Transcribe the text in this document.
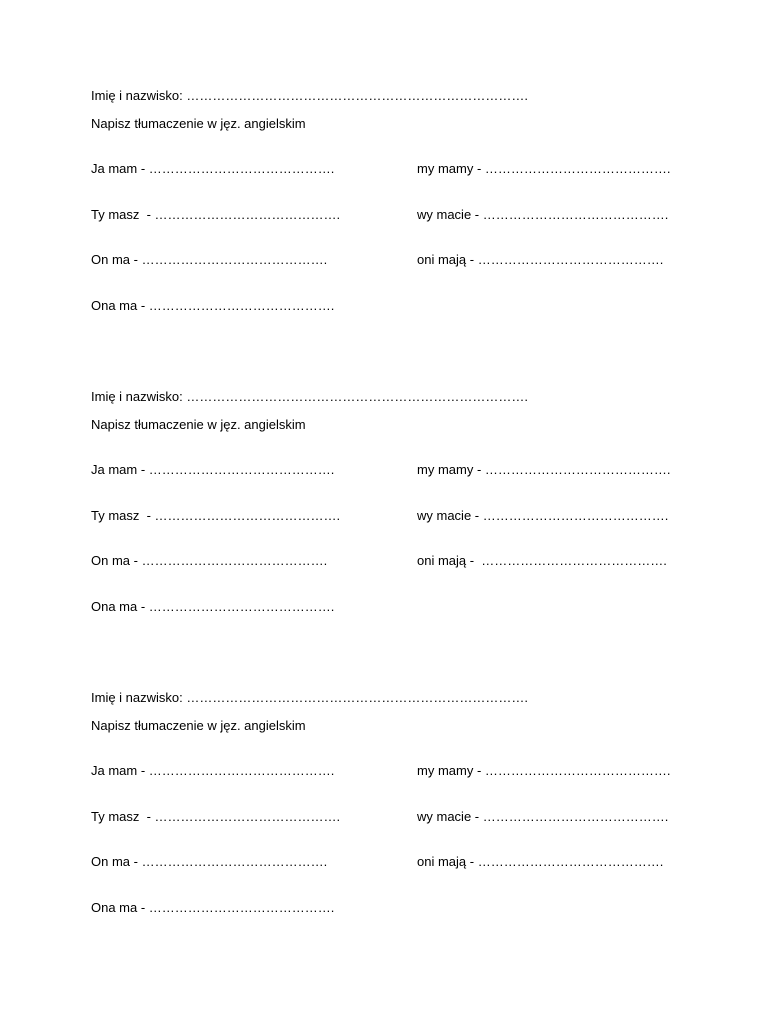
Imię i nazwisko: …………………………………………………………………….
Napisz tłumaczenie w jęz. angielskim
Ja mam - …………………………………….
Ty masz  - …………………………………….
On ma - …………………………………….
Ona ma - …………………………………….
my mamy - …………………………………….
wy macie - …………………………………….
oni mają - …………………………………….
Imię i nazwisko: …………………………………………………………………….
Napisz tłumaczenie w jęz. angielskim
Ja mam - …………………………………….
Ty masz  - …………………………………….
On ma - …………………………………….
Ona ma - …………………………………….
my mamy - …………………………………….
wy macie - …………………………………….
oni mają -  …………………………………….
Imię i nazwisko: …………………………………………………………………….
Napisz tłumaczenie w jęz. angielskim
Ja mam - …………………………………….
Ty masz  - …………………………………….
On ma - …………………………………….
Ona ma - …………………………………….
my mamy - …………………………………….
wy macie - …………………………………….
oni mają - …………………………………….
